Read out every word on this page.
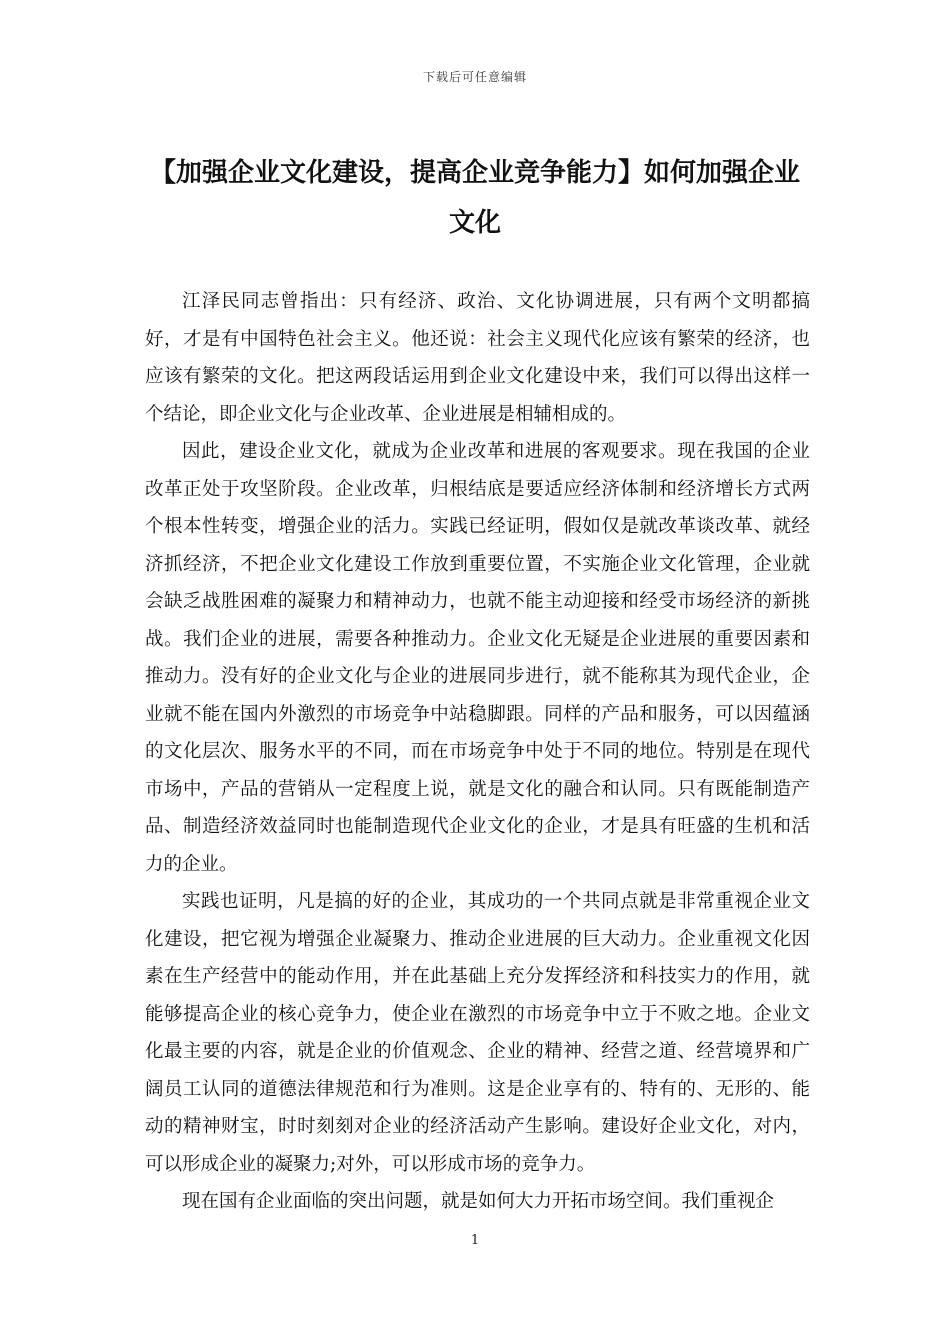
下载后可任意编辑
【加强企业文化建设，提高企业竞争能力】如何加强企业
文化

江泽民同志曾指出：只有经济、政治、文化协调进展，只有两个文明都搞好，才是有中国特色社会主义。他还说：社会主义现代化应该有繁荣的经济，也应该有繁荣的文化。把这两段话运用到企业文化建设中来，我们可以得出这样一个结论，即企业文化与企业改革、企业进展是相辅相成的。

因此，建设企业文化，就成为企业改革和进展的客观要求。现在我国的企业改革正处于攻坚阶段。企业改革，归根结底是要适应经济体制和经济增长方式两个根本性转变，增强企业的活力。实践已经证明，假如仅是就改革谈改革、就经济抓经济，不把企业文化建设工作放到重要位置，不实施企业文化管理，企业就会缺乏战胜困难的凝聚力和精神动力，也就不能主动迎接和经受市场经济的新挑战。我们企业的进展，需要各种推动力。企业文化无疑是企业进展的重要因素和推动力。没有好的企业文化与企业的进展同步进行，就不能称其为现代企业，企业就不能在国内外激烈的市场竞争中站稳脚跟。同样的产品和服务，可以因蕴涵的文化层次、服务水平的不同，而在市场竞争中处于不同的地位。特别是在现代市场中，产品的营销从一定程度上说，就是文化的融合和认同。只有既能制造产品、制造经济效益同时也能制造现代企业文化的企业，才是具有旺盛的生机和活力的企业。

实践也证明，凡是搞的好的企业，其成功的一个共同点就是非常重视企业文化建设，把它视为增强企业凝聚力、推动企业进展的巨大动力。企业重视文化因素在生产经营中的能动作用，并在此基础上充分发挥经济和科技实力的作用，就能够提高企业的核心竞争力，使企业在激烈的市场竞争中立于不败之地。企业文化最主要的内容，就是企业的价值观念、企业的精神、经营之道、经营境界和广阔员工认同的道德法律规范和行为准则。这是企业享有的、特有的、无形的、能动的精神财宝，时时刻刻对企业的经济活动产生影响。建设好企业文化，对内，可以形成企业的凝聚力;对外，可以形成市场的竞争力。

现在国有企业面临的突出问题，就是如何大力开拓市场空间。我们重视企

1
